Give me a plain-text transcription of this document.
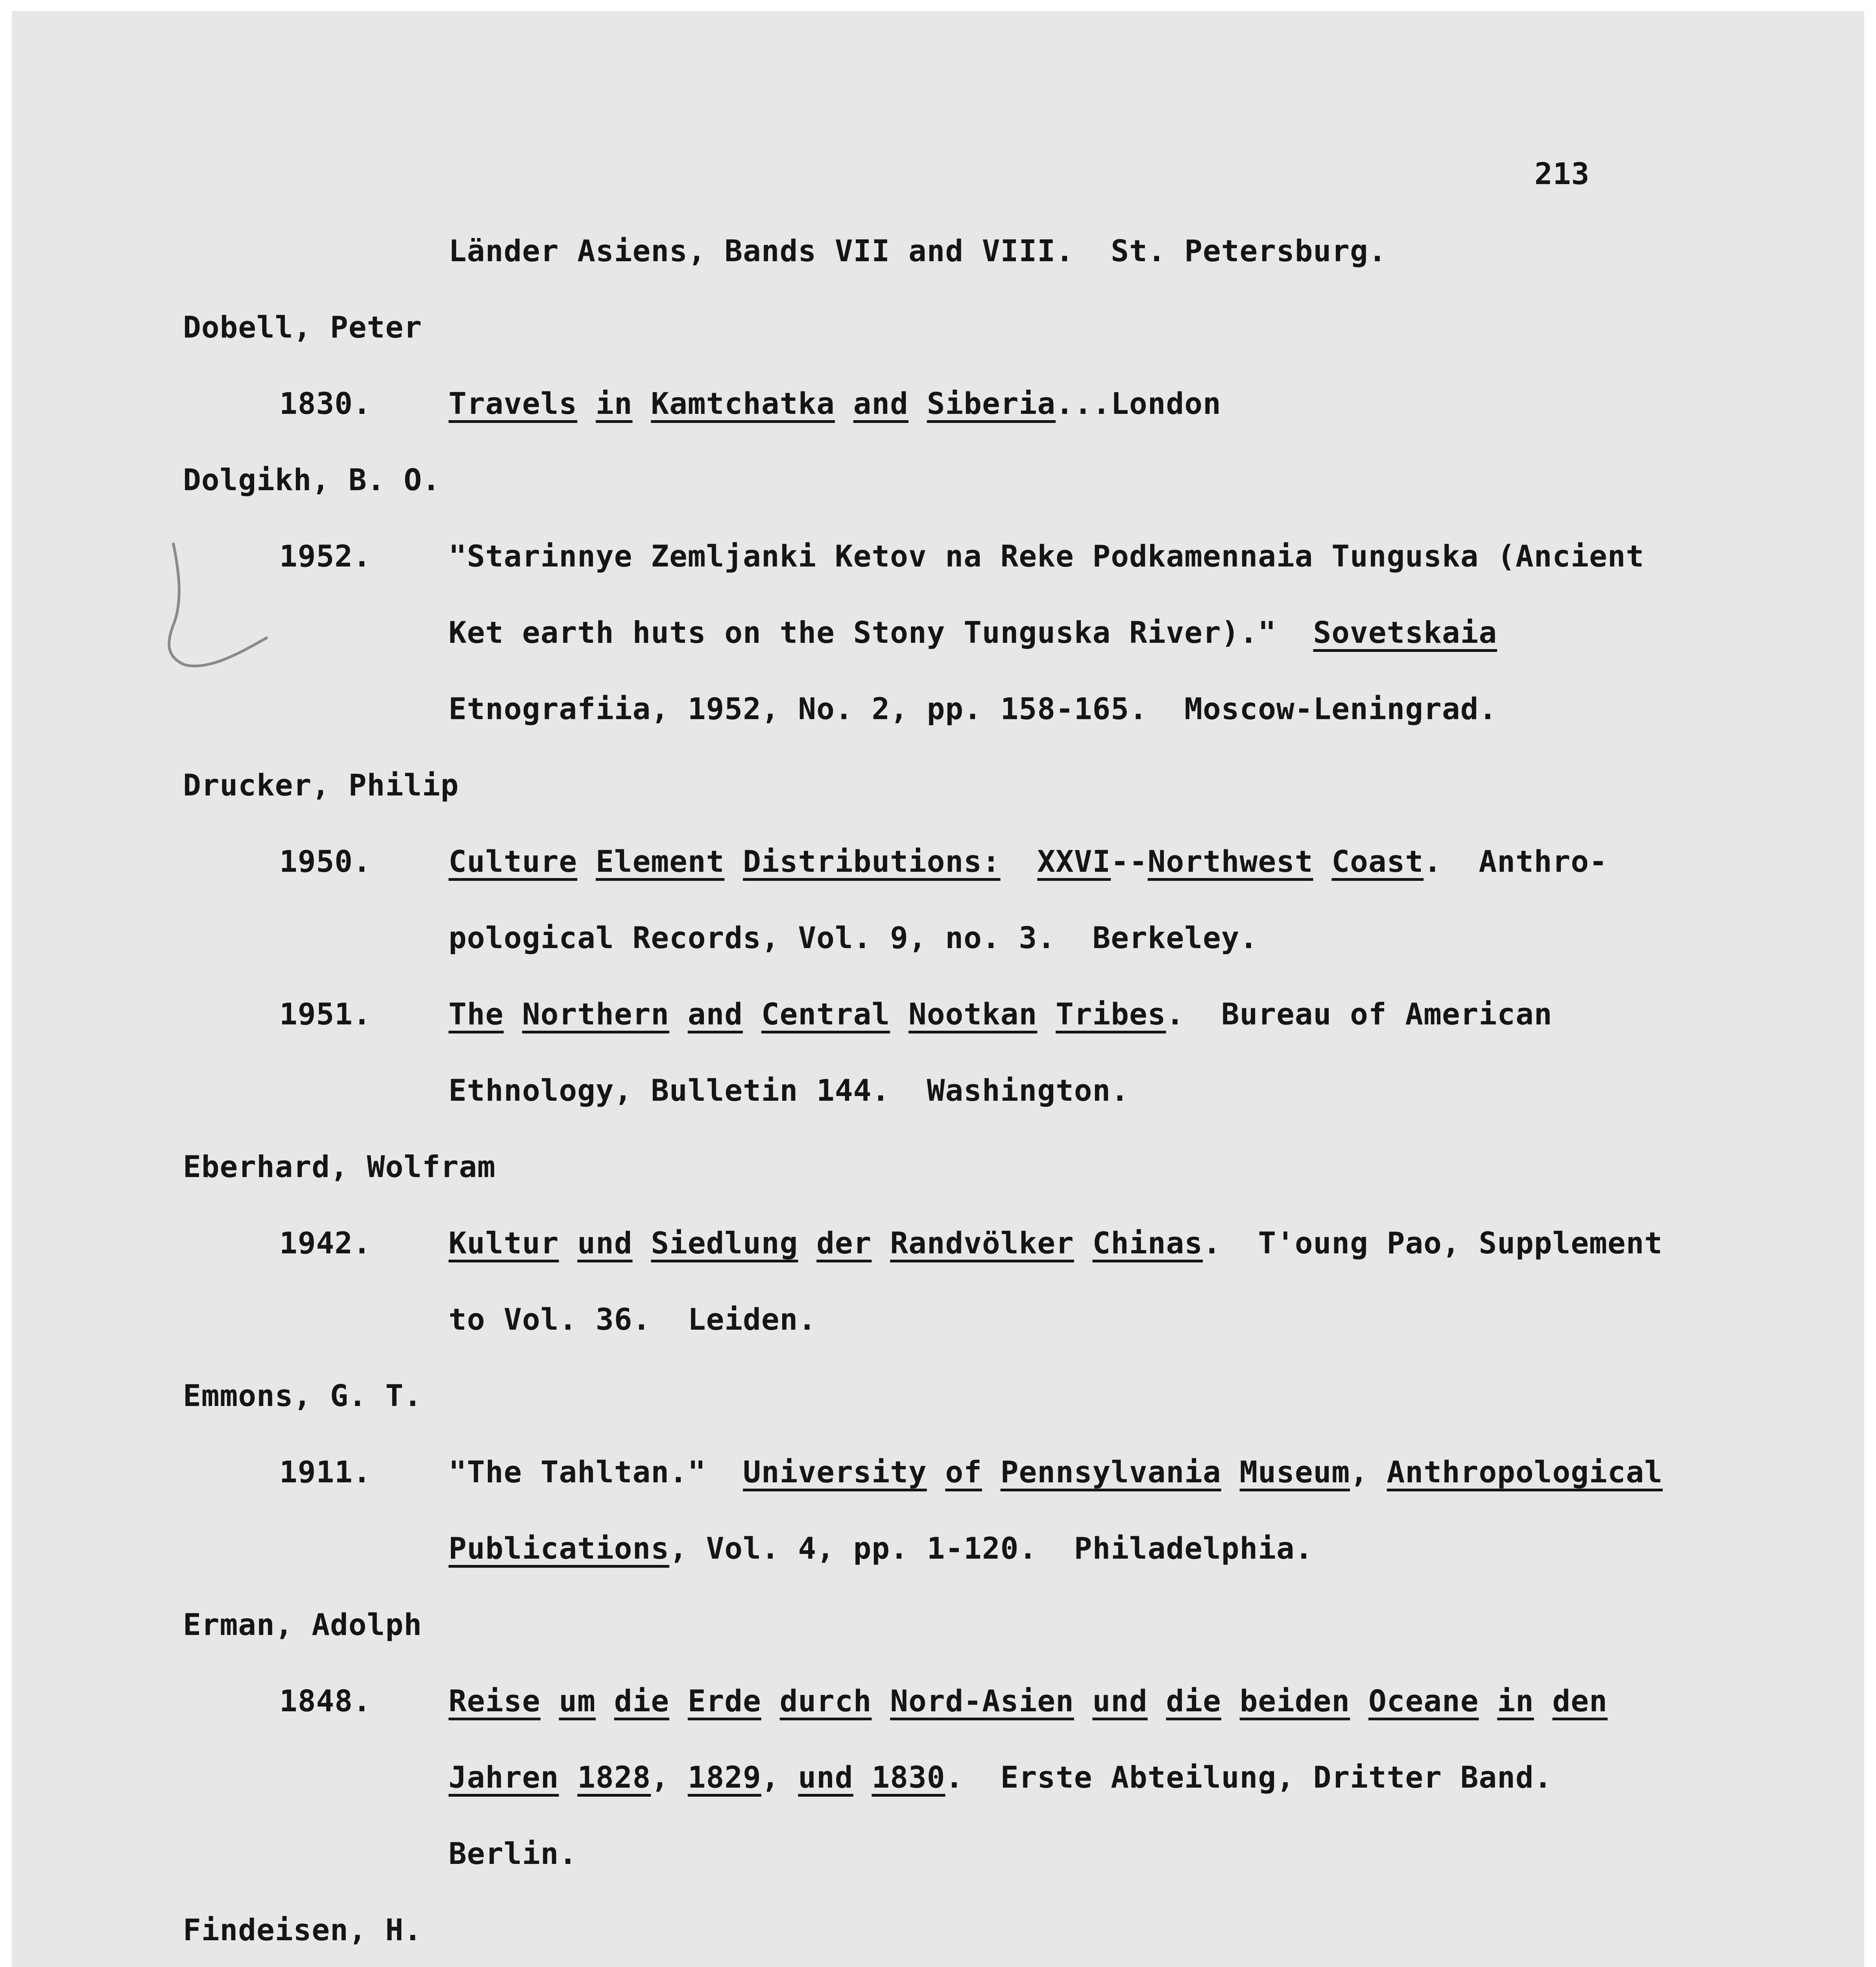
213
Länder Asiens, Bands VII and VIII.  St. Petersburg.
Dobell, Peter
1830.	Travels in Kamtchatka and Siberia...London
Dolgikh, B. O.
1952.	"Starinnye Zemljanki Ketov na Reke Podkamennaia Tunguska (Ancient
Ket earth huts on the Stony Tunguska River)."  Sovetskaia
Etnografiia, 1952, No. 2, pp. 158-165.  Moscow-Leningrad.
Drucker, Philip
1950.	Culture Element Distributions: XXVI--Northwest Coast.  Anthro-
pological Records, Vol. 9, no. 3.  Berkeley.
1951.	The Northern and Central Nootkan Tribes.  Bureau of American
Ethnology, Bulletin 144.  Washington.
Eberhard, Wolfram
1942.	Kultur und Siedlung der Randvölker Chinas.  T'oung Pao, Supplement
to Vol. 36.  Leiden.
Emmons, G. T.
1911.	"The Tahltan."  University of Pennsylvania Museum, Anthropological
Publications, Vol. 4, pp. 1-120.  Philadelphia.
Erman, Adolph
1848.	Reise um die Erde durch Nord-Asien und die beiden Oceane in den
Jahren 1828, 1829, und 1830.  Erste Abteilung, Dritter Band.
Berlin.
Findeisen, H.
